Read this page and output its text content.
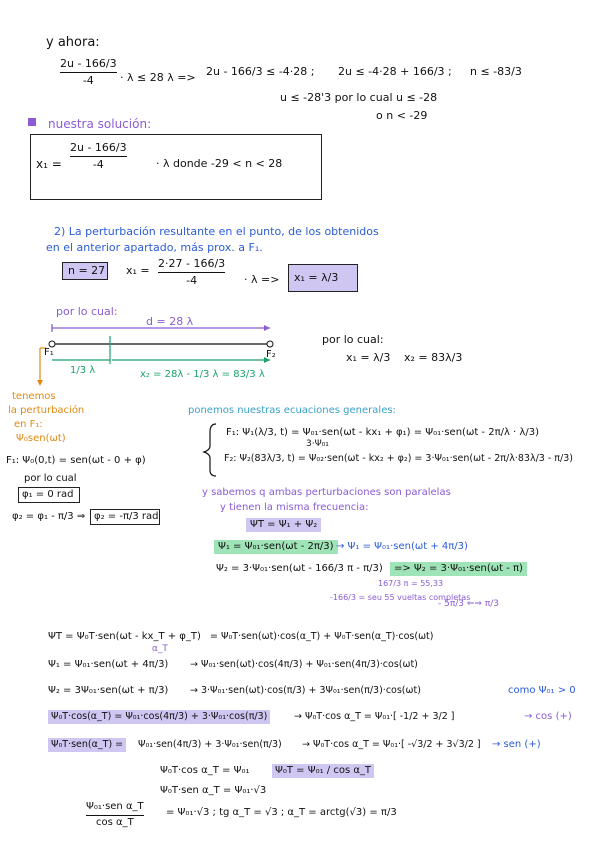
y ahora:
2u - 166/3
-4 · λ ≤ 28 λ => 2u - 166/3 ≤ -4·28 ; 2u ≤ -4·28 + 166/3 ; n ≤ -83/3
u ≤ -28'3 por lo cual u ≤ -28
o n < -29
nuestra solución:
x₁ =
2u - 166/3
-4	· λ donde -29 < n < 28
2) La perturbación resultante en el punto, de los obtenidos
en el anterior apartado, más prox. a F₁.
n = 27 x₁ =
2·27 - 166/3
-4	· λ => x₁ = λ/3
por lo cual:
d = 28 λ
F₁	F₂
1/3 λ	x₂ = 28λ - 1/3 λ = 83/3 λ
por lo cual:
x₁ = λ/3 x₂ = 83λ/3
tenemos
la perturbación
en F₁:
Ψ₀sen(ωt)
F₁: Ψ₀(0,t) = sen(ωt - 0 + φ)
por lo cual
φ₁ = 0 rad
φ₂ = φ₁ - π/3 ⇒ φ₂ = -π/3 rad
ponemos nuestras ecuaciones generales:
F₁: Ψ₁(λ/3, t) = Ψ₀₁·sen(ωt - kx₁ + φ₁) = Ψ₀₁·sen(ωt - 2π/λ · λ/3)
3·Ψ₀₁
F₂: Ψ₂(83λ/3, t) = Ψ₀₂·sen(ωt - kx₂ + φ₂) = 3·Ψ₀₁·sen(ωt - 2π/λ·83λ/3 - π/3)
y sabemos q ambas perturbaciones son paralelas
y tienen la misma frecuencia:
ΨT = Ψ₁ + Ψ₂
Ψ₁ = Ψ₀₁·sen(ωt - 2π/3) → Ψ₁ = Ψ₀₁·sen(ωt + 4π/3)
Ψ₂ = 3·Ψ₀₁·sen(ωt - 166/3 π - π/3)	=> Ψ₂ = 3·Ψ₀₁·sen(ωt - π)
167/3 π = 55,33
-166/3 = seu 55 vueltas completas
- 5π/3 ⇐⇒ π/3
ΨT = Ψ₀T·sen(ωt - kx_T + φ_T)
α_T
= Ψ₀T·sen(ωt)·cos(α_T) + Ψ₀T·sen(α_T)·cos(ωt)
Ψ₁ = Ψ₀₁·sen(ωt + 4π/3) → Ψ₀₁·sen(ωt)·cos(4π/3) + Ψ₀₁·sen(4π/3)·cos(ωt)
Ψ₂ = 3Ψ₀₁·sen(ωt + π/3) → 3·Ψ₀₁·sen(ωt)·cos(π/3) + 3Ψ₀₁·sen(π/3)·cos(ωt)	como Ψ₀₁ > 0
Ψ₀T·cos(α_T) = Ψ₀₁·cos(4π/3) + 3·Ψ₀₁·cos(π/3)	→ Ψ₀T·cos α_T = Ψ₀₁·[ -1/2 + 3/2 ]	→ cos (+)
Ψ₀T·sen(α_T) =	Ψ₀₁·sen(4π/3) + 3·Ψ₀₁·sen(π/3) → Ψ₀T·cos α_T = Ψ₀₁·[ -√3/2 + 3√3/2 ] → sen (+)
Ψ₀T·cos α_T = Ψ₀₁	Ψ₀T = Ψ₀₁ / cos α_T
Ψ₀T·sen α_T = Ψ₀₁·√3
Ψ₀₁·sen α_T
cos α_T
= Ψ₀₁·√3 ; tg α_T = √3 ; α_T = arctg(√3) = π/3
